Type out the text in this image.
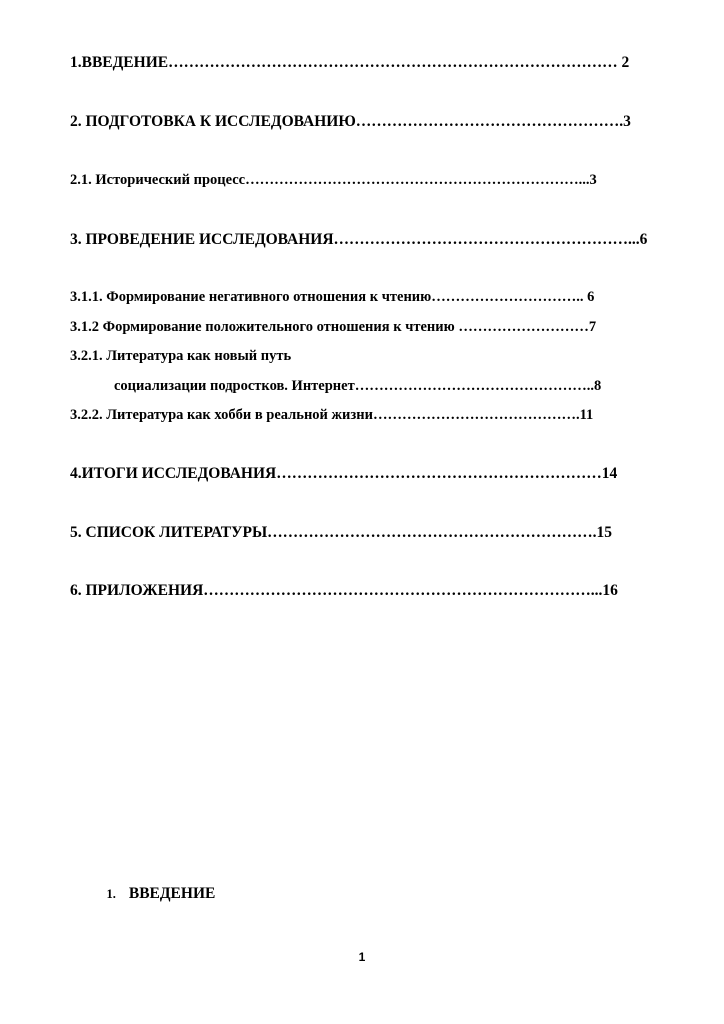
1.ВВЕДЕНИЕ…………………………………………………………………………… 2
2. ПОДГОТОВКА К ИССЛЕДОВАНИЮ…………………………………………….3
2.1. Исторический процесс……………………………………………………………...3
3. ПРОВЕДЕНИЕ ИССЛЕДОВАНИЯ…………………………………………………...6
3.1.1. Формирование негативного отношения к чтению………………………….. 6
3.1.2 Формирование положительного отношения к чтению ………………………7
3.2.1. Литература как новый путь
социализации подростков. Интернет…………………………………………..8
3.2.2. Литература как хобби в реальной жизни…………………………………….11
4.ИТОГИ ИССЛЕДОВАНИЯ………………………………………………………14
5. СПИСОК ЛИТЕРАТУРЫ……………………………………………………….15
6. ПРИЛОЖЕНИЯ…………………………………………………………………...16

1. ВВЕДЕНИЕ

1
